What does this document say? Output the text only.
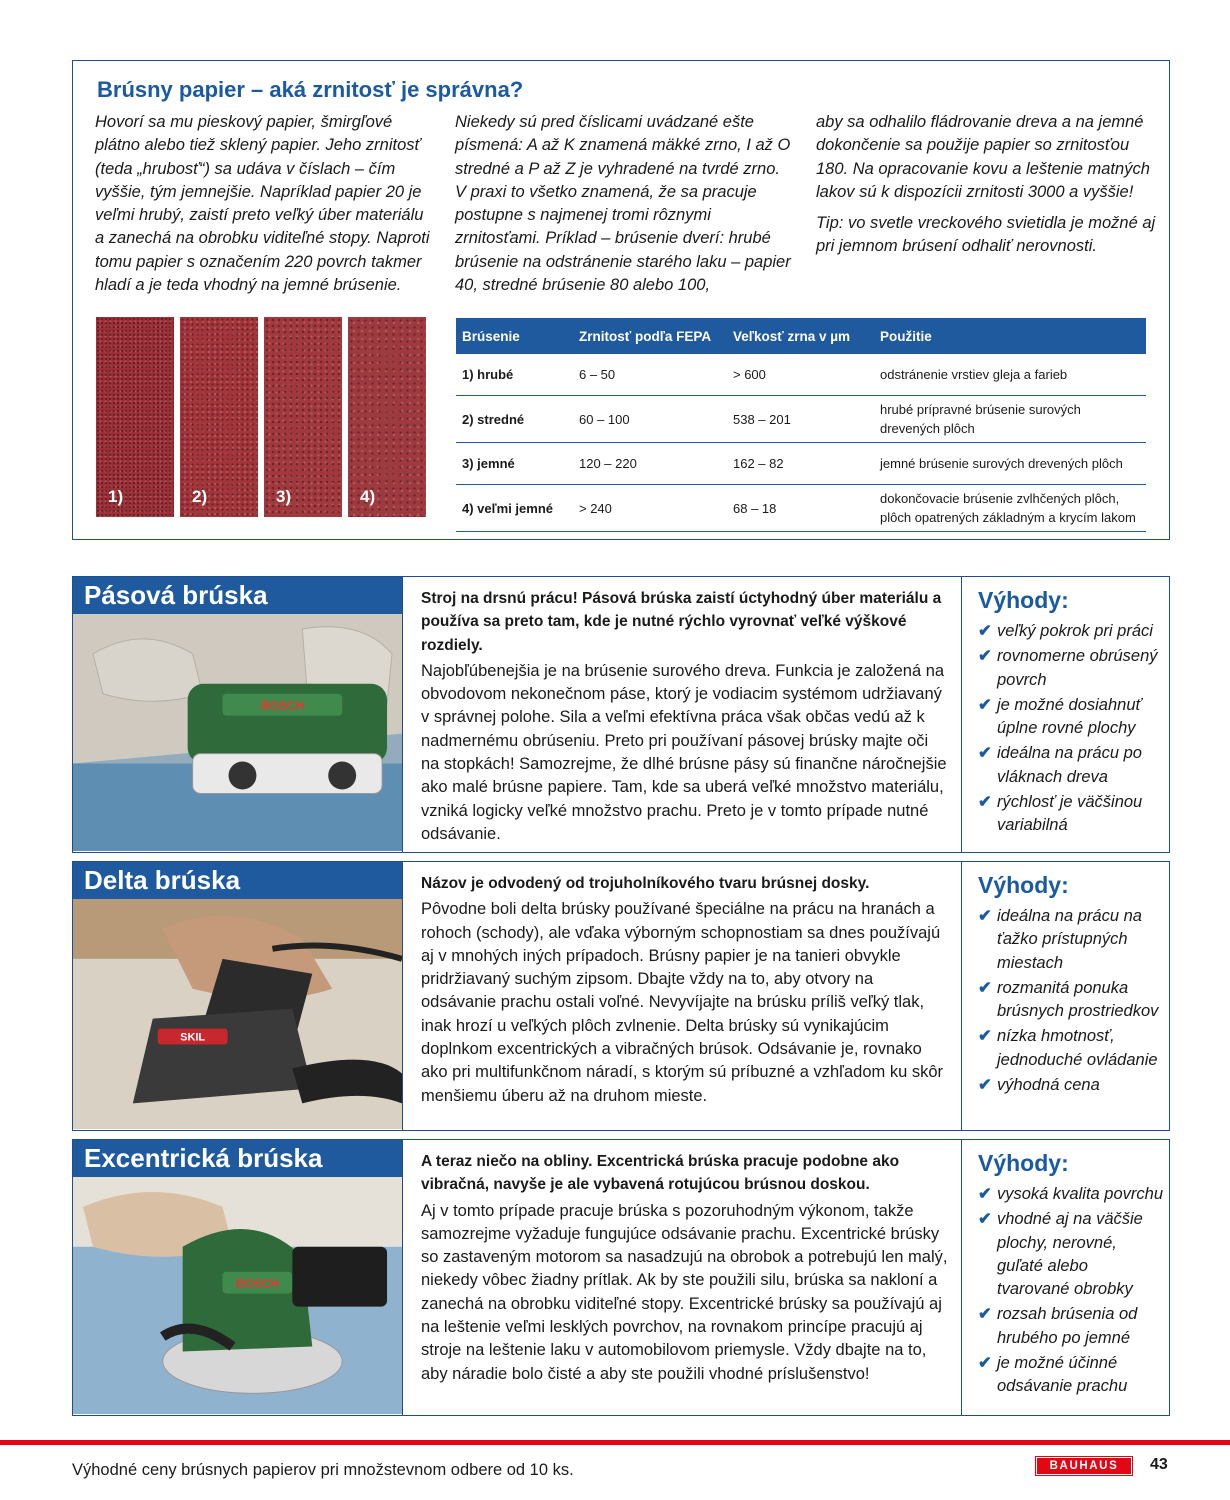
Brúsny papier – aká zrnitosť je správna?

Hovorí sa mu pieskový papier, šmirgľové plátno alebo tiež sklený papier. Jeho zrnitosť (teda „hrubosť“) sa udáva v číslach – čím vyššie, tým jemnejšie. Napríklad papier 20 je veľmi hrubý, zaistí preto veľký úber materiálu a zanechá na obrobku viditeľné stopy. Naproti tomu papier s označením 220 povrch takmer hladí a je teda vhodný na jemné brúsenie.

Niekedy sú pred číslicami uvádzané ešte písmená: A až K znamená mäkké zrno, I až O stredné a P až Z je vyhradené na tvrdé zrno. V praxi to všetko znamená, že sa pracuje postupne s najmenej tromi rôznymi zrnitosťami. Príklad – brúsenie dverí: hrubé brúsenie na odstránenie starého laku – papier 40, stredné brúsenie 80 alebo 100,

aby sa odhalilo fládrovanie dreva a na jemné dokončenie sa použije papier so zrnitosťou 180. Na opracovanie kovu a leštenie matných lakov sú k dispozícii zrnitosti 3000 a vyššie!

Tip: vo svetle vreckového svietidla je možné aj pri jemnom brúsení odhaliť nerovnosti.

1)	2)	3)	4)
Brúsenie	Zrnitosť podľa FEPA	Veľkosť zrna v µm	Použitie
1) hrubé	6 – 50	> 600	odstránenie vrstiev gleja a farieb
2) stredné	60 – 100	538 – 201	hrubé prípravné brúsenie surových drevených plôch
3) jemné	120 – 220	162 – 82	jemné brúsenie surových drevených plôch
4) veľmi jemné	> 240	68 – 18	dokončovacie brúsenie zvlhčených plôch, plôch opatrených základným a krycím lakom
Pásová brúska
BOSCH

Stroj na drsnú prácu! Pásová brúska zaistí úctyhodný úber materiálu a používa sa preto tam, kde je nutné rýchlo vyrovnať veľké výškové rozdiely.

Najobľúbenejšia je na brúsenie surového dreva. Funkcia je založená na obvodovom nekonečnom páse, ktorý je vodiacim systémom udržiavaný v správnej polohe. Sila a veľmi efektívna práca však občas vedú až k nadmernému obrúseniu. Preto pri používaní pásovej brúsky majte oči na stopkách! Samozrejme, že dlhé brúsne pásy sú finančne náročnejšie ako malé brúsne papiere. Tam, kde sa uberá veľké množstvo materiálu, vzniká logicky veľké množstvo prachu. Preto je v tomto prípade nutné odsávanie.

Výhody:
✔ veľký pokrok pri práci
✔ rovnomerne obrúsený povrch
✔ je možné dosiahnuť úplne rovné plochy
✔ ideálna na prácu po vláknach dreva
✔ rýchlosť je väčšinou variabilná
Delta brúska
SKIL

Názov je odvodený od trojuholníkového tvaru brúsnej dosky.

Pôvodne boli delta brúsky používané špeciálne na prácu na hranách a rohoch (schody), ale vďaka výborným schopnostiam sa dnes používajú aj v mnohých iných prípadoch. Brúsny papier je na tanieri obvykle pridržiavaný suchým zipsom. Dbajte vždy na to, aby otvory na odsávanie prachu ostali voľné. Nevyvíjajte na brúsku príliš veľký tlak, inak hrozí u veľkých plôch zvlnenie. Delta brúsky sú vynikajúcim doplnkom excentrických a vibračných brúsok. Odsávanie je, rovnako ako pri multifunkčnom náradí, s ktorým sú príbuzné a vzhľadom ku skôr menšiemu úberu až na druhom mieste.

Výhody:
✔ ideálna na prácu na ťažko prístupných miestach
✔ rozmanitá ponuka brúsnych prostriedkov
✔ nízka hmotnosť, jednoduché ovládanie
✔ výhodná cena
Excentrická brúska
BOSCH

A teraz niečo na obliny. Excentrická brúska pracuje podobne ako vibračná, navyše je ale vybavená rotujúcou brúsnou doskou.

Aj v tomto prípade pracuje brúska s pozoruhodným výkonom, takže samozrejme vyžaduje fungujúce odsávanie prachu. Excentrické brúsky so zastaveným motorom sa nasadzujú na obrobok a potrebujú len malý, niekedy vôbec žiadny prítlak. Ak by ste použili silu, brúska sa nakloní a zanechá na obrobku viditeľné stopy. Excentrické brúsky sa používajú aj na leštenie veľmi lesklých povrchov, na rovnakom princípe pracujú aj stroje na leštenie laku v automobilovom priemysle. Vždy dbajte na to, aby náradie bolo čisté a aby ste použili vhodné príslušenstvo!

Výhody:
✔ vysoká kvalita povrchu
✔ vhodné aj na väčšie plochy, nerovné, guľaté alebo tvarované obrobky
✔ rozsah brúsenia od hrubého po jemné
✔ je možné účinné odsávanie prachu
Výhodné ceny brúsnych papierov pri množstevnom odbere od 10 ks.	BAUHAUS	43
